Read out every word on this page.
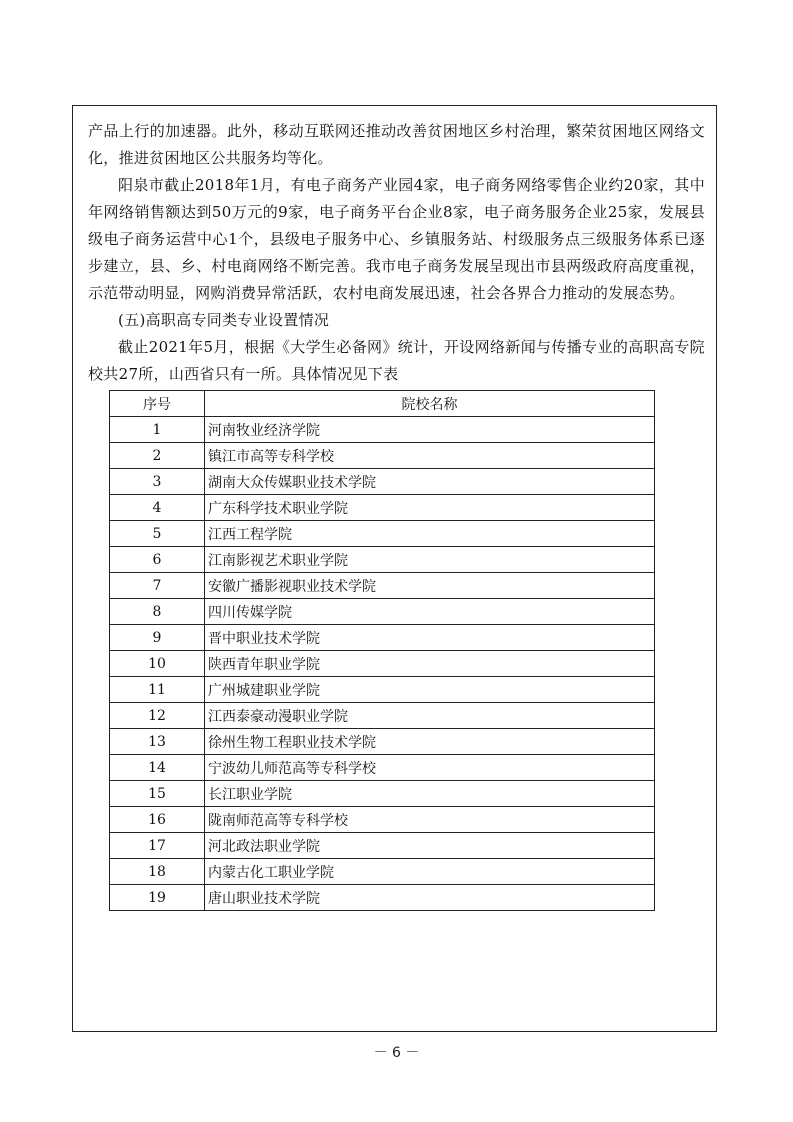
产品上行的加速器。此外，移动互联网还推动改善贫困地区乡村治理，繁荣贫困地区网络文化，推进贫困地区公共服务均等化。

阳泉市截止2018年1月，有电子商务产业园4家，电子商务网络零售企业约20家，其中年网络销售额达到50万元的9家，电子商务平台企业8家，电子商务服务企业25家，发展县级电子商务运营中心1个，县级电子服务中心、乡镇服务站、村级服务点三级服务体系已逐步建立，县、乡、村电商网络不断完善。我市电子商务发展呈现出市县两级政府高度重视，示范带动明显，网购消费异常活跃，农村电商发展迅速，社会各界合力推动的发展态势。

(五)高职高专同类专业设置情况

截止2021年5月，根据《大学生必备网》统计，开设网络新闻与传播专业的高职高专院校共27所，山西省只有一所。具体情况见下表

序号	院校名称
1	河南牧业经济学院
2	镇江市高等专科学校
3	湖南大众传媒职业技术学院
4	广东科学技术职业学院
5	江西工程学院
6	江南影视艺术职业学院
7	安徽广播影视职业技术学院
8	四川传媒学院
9	晋中职业技术学院
10	陕西青年职业学院
11	广州城建职业学院
12	江西泰豪动漫职业学院
13	徐州生物工程职业技术学院
14	宁波幼儿师范高等专科学校
15	长江职业学院
16	陇南师范高等专科学校
17	河北政法职业学院
18	内蒙古化工职业学院
19	唐山职业技术学院
－ 6 －
